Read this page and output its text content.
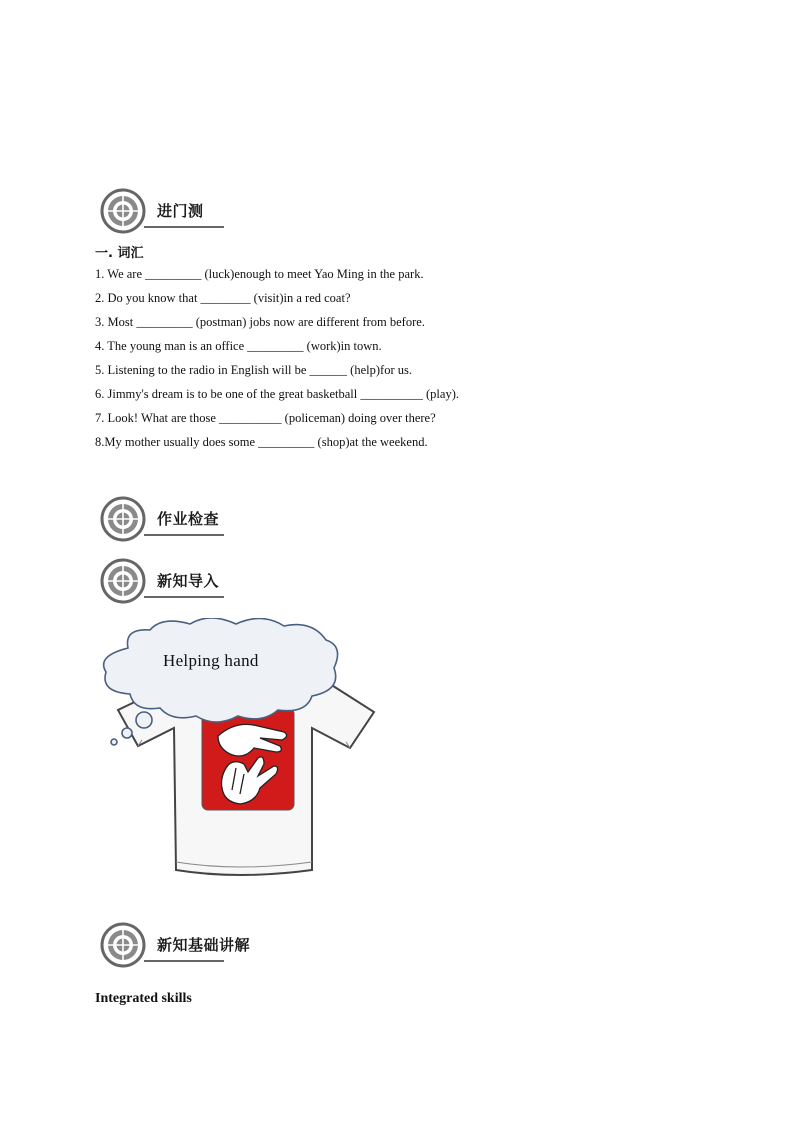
进门测
一. 词汇
1. We are _________ (luck)enough to meet Yao Ming in the park.
2. Do you know that ________ (visit)in a red coat?
3. Most _________ (postman) jobs now are different from before.
4. The young man is an office _________ (work)in town.
5. Listening to the radio in English will be ______ (help)for us.
6. Jimmy's dream is to be one of the great basketball __________ (play).
7. Look! What are those __________ (policeman) doing over there?
8.My mother usually does some _________ (shop)at the weekend.
作业检查
新知导入
Helping hand
新知基础讲解
Integrated skills
